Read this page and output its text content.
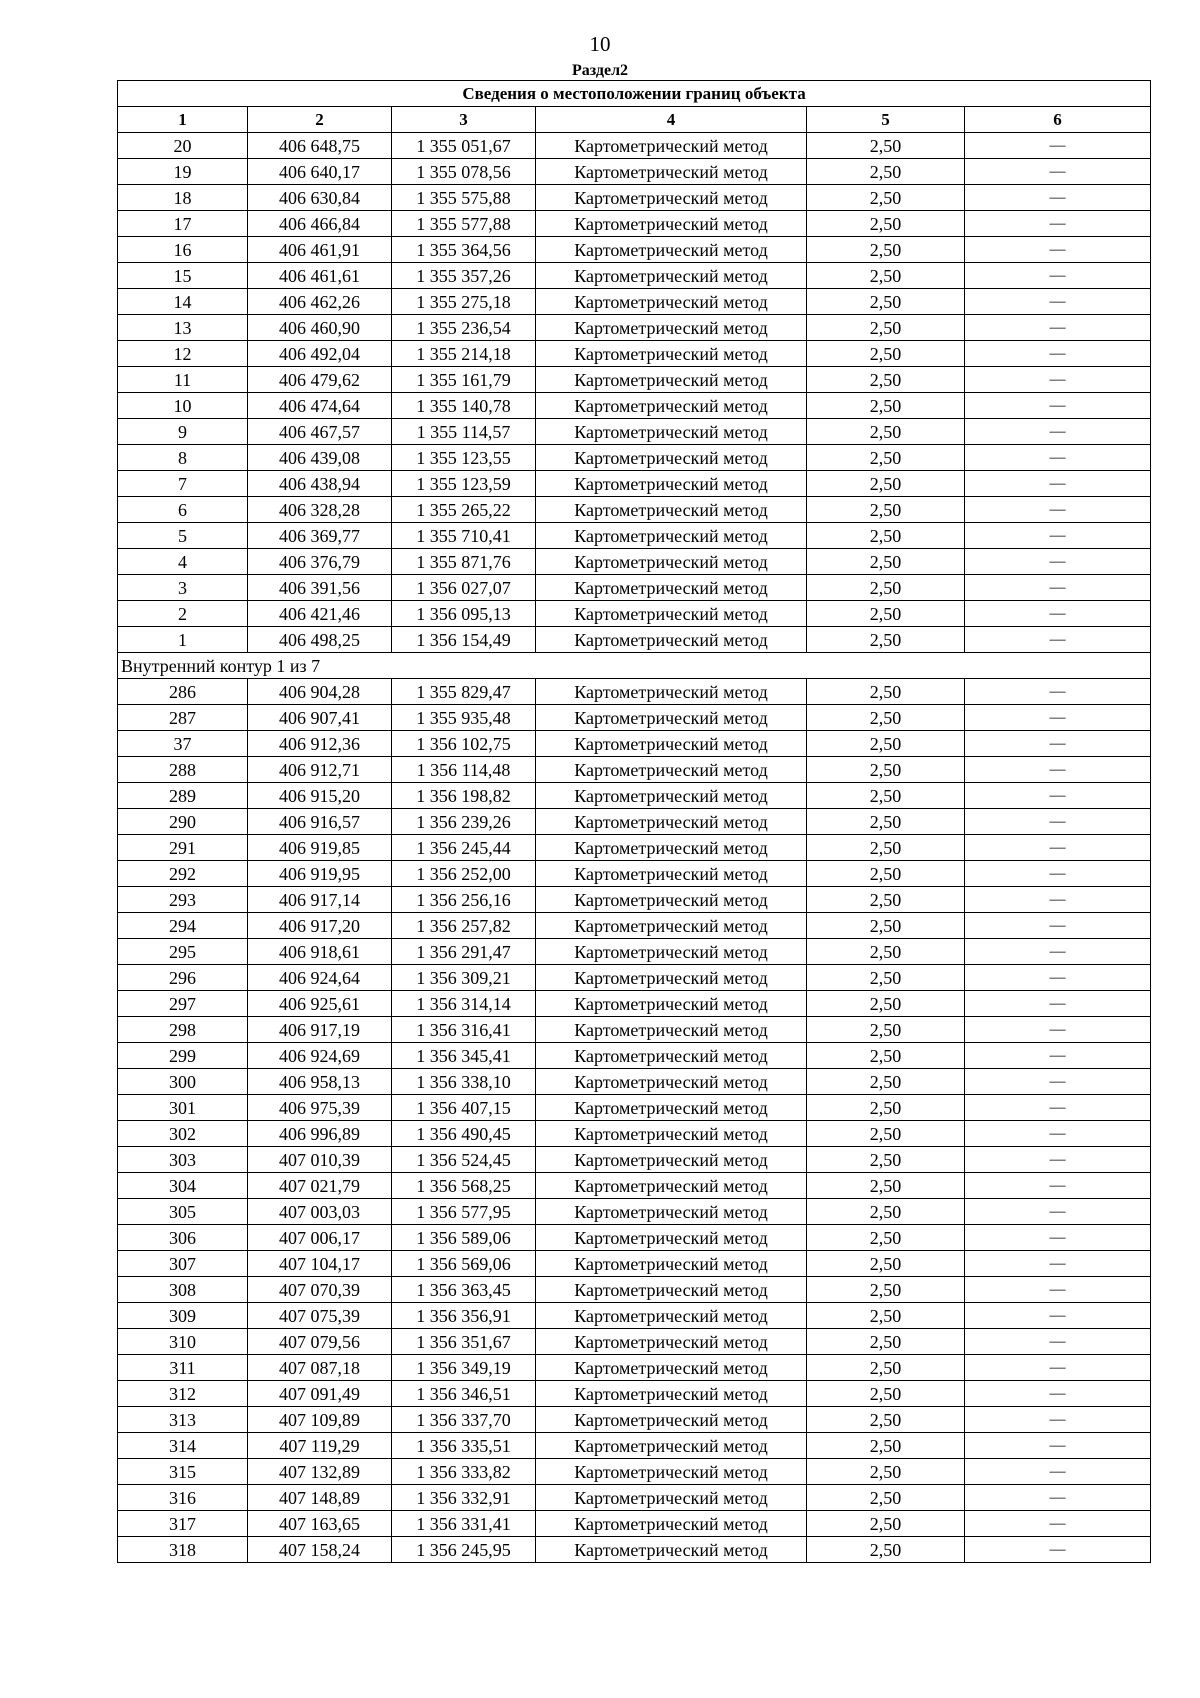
10
Раздел2
Сведения о местоположении границ объекта					
1	2	3	4	5	6
20	406 648,75	1 355 051,67	Картометрический метод	2,50	—
19	406 640,17	1 355 078,56	Картометрический метод	2,50	—
18	406 630,84	1 355 575,88	Картометрический метод	2,50	—
17	406 466,84	1 355 577,88	Картометрический метод	2,50	—
16	406 461,91	1 355 364,56	Картометрический метод	2,50	—
15	406 461,61	1 355 357,26	Картометрический метод	2,50	—
14	406 462,26	1 355 275,18	Картометрический метод	2,50	—
13	406 460,90	1 355 236,54	Картометрический метод	2,50	—
12	406 492,04	1 355 214,18	Картометрический метод	2,50	—
11	406 479,62	1 355 161,79	Картометрический метод	2,50	—
10	406 474,64	1 355 140,78	Картометрический метод	2,50	—
9	406 467,57	1 355 114,57	Картометрический метод	2,50	—
8	406 439,08	1 355 123,55	Картометрический метод	2,50	—
7	406 438,94	1 355 123,59	Картометрический метод	2,50	—
6	406 328,28	1 355 265,22	Картометрический метод	2,50	—
5	406 369,77	1 355 710,41	Картометрический метод	2,50	—
4	406 376,79	1 355 871,76	Картометрический метод	2,50	—
3	406 391,56	1 356 027,07	Картометрический метод	2,50	—
2	406 421,46	1 356 095,13	Картометрический метод	2,50	—
1	406 498,25	1 356 154,49	Картометрический метод	2,50	—
Внутренний контур 1 из 7					
286	406 904,28	1 355 829,47	Картометрический метод	2,50	—
287	406 907,41	1 355 935,48	Картометрический метод	2,50	—
37	406 912,36	1 356 102,75	Картометрический метод	2,50	—
288	406 912,71	1 356 114,48	Картометрический метод	2,50	—
289	406 915,20	1 356 198,82	Картометрический метод	2,50	—
290	406 916,57	1 356 239,26	Картометрический метод	2,50	—
291	406 919,85	1 356 245,44	Картометрический метод	2,50	—
292	406 919,95	1 356 252,00	Картометрический метод	2,50	—
293	406 917,14	1 356 256,16	Картометрический метод	2,50	—
294	406 917,20	1 356 257,82	Картометрический метод	2,50	—
295	406 918,61	1 356 291,47	Картометрический метод	2,50	—
296	406 924,64	1 356 309,21	Картометрический метод	2,50	—
297	406 925,61	1 356 314,14	Картометрический метод	2,50	—
298	406 917,19	1 356 316,41	Картометрический метод	2,50	—
299	406 924,69	1 356 345,41	Картометрический метод	2,50	—
300	406 958,13	1 356 338,10	Картометрический метод	2,50	—
301	406 975,39	1 356 407,15	Картометрический метод	2,50	—
302	406 996,89	1 356 490,45	Картометрический метод	2,50	—
303	407 010,39	1 356 524,45	Картометрический метод	2,50	—
304	407 021,79	1 356 568,25	Картометрический метод	2,50	—
305	407 003,03	1 356 577,95	Картометрический метод	2,50	—
306	407 006,17	1 356 589,06	Картометрический метод	2,50	—
307	407 104,17	1 356 569,06	Картометрический метод	2,50	—
308	407 070,39	1 356 363,45	Картометрический метод	2,50	—
309	407 075,39	1 356 356,91	Картометрический метод	2,50	—
310	407 079,56	1 356 351,67	Картометрический метод	2,50	—
311	407 087,18	1 356 349,19	Картометрический метод	2,50	—
312	407 091,49	1 356 346,51	Картометрический метод	2,50	—
313	407 109,89	1 356 337,70	Картометрический метод	2,50	—
314	407 119,29	1 356 335,51	Картометрический метод	2,50	—
315	407 132,89	1 356 333,82	Картометрический метод	2,50	—
316	407 148,89	1 356 332,91	Картометрический метод	2,50	—
317	407 163,65	1 356 331,41	Картометрический метод	2,50	—
318	407 158,24	1 356 245,95	Картометрический метод	2,50	—
